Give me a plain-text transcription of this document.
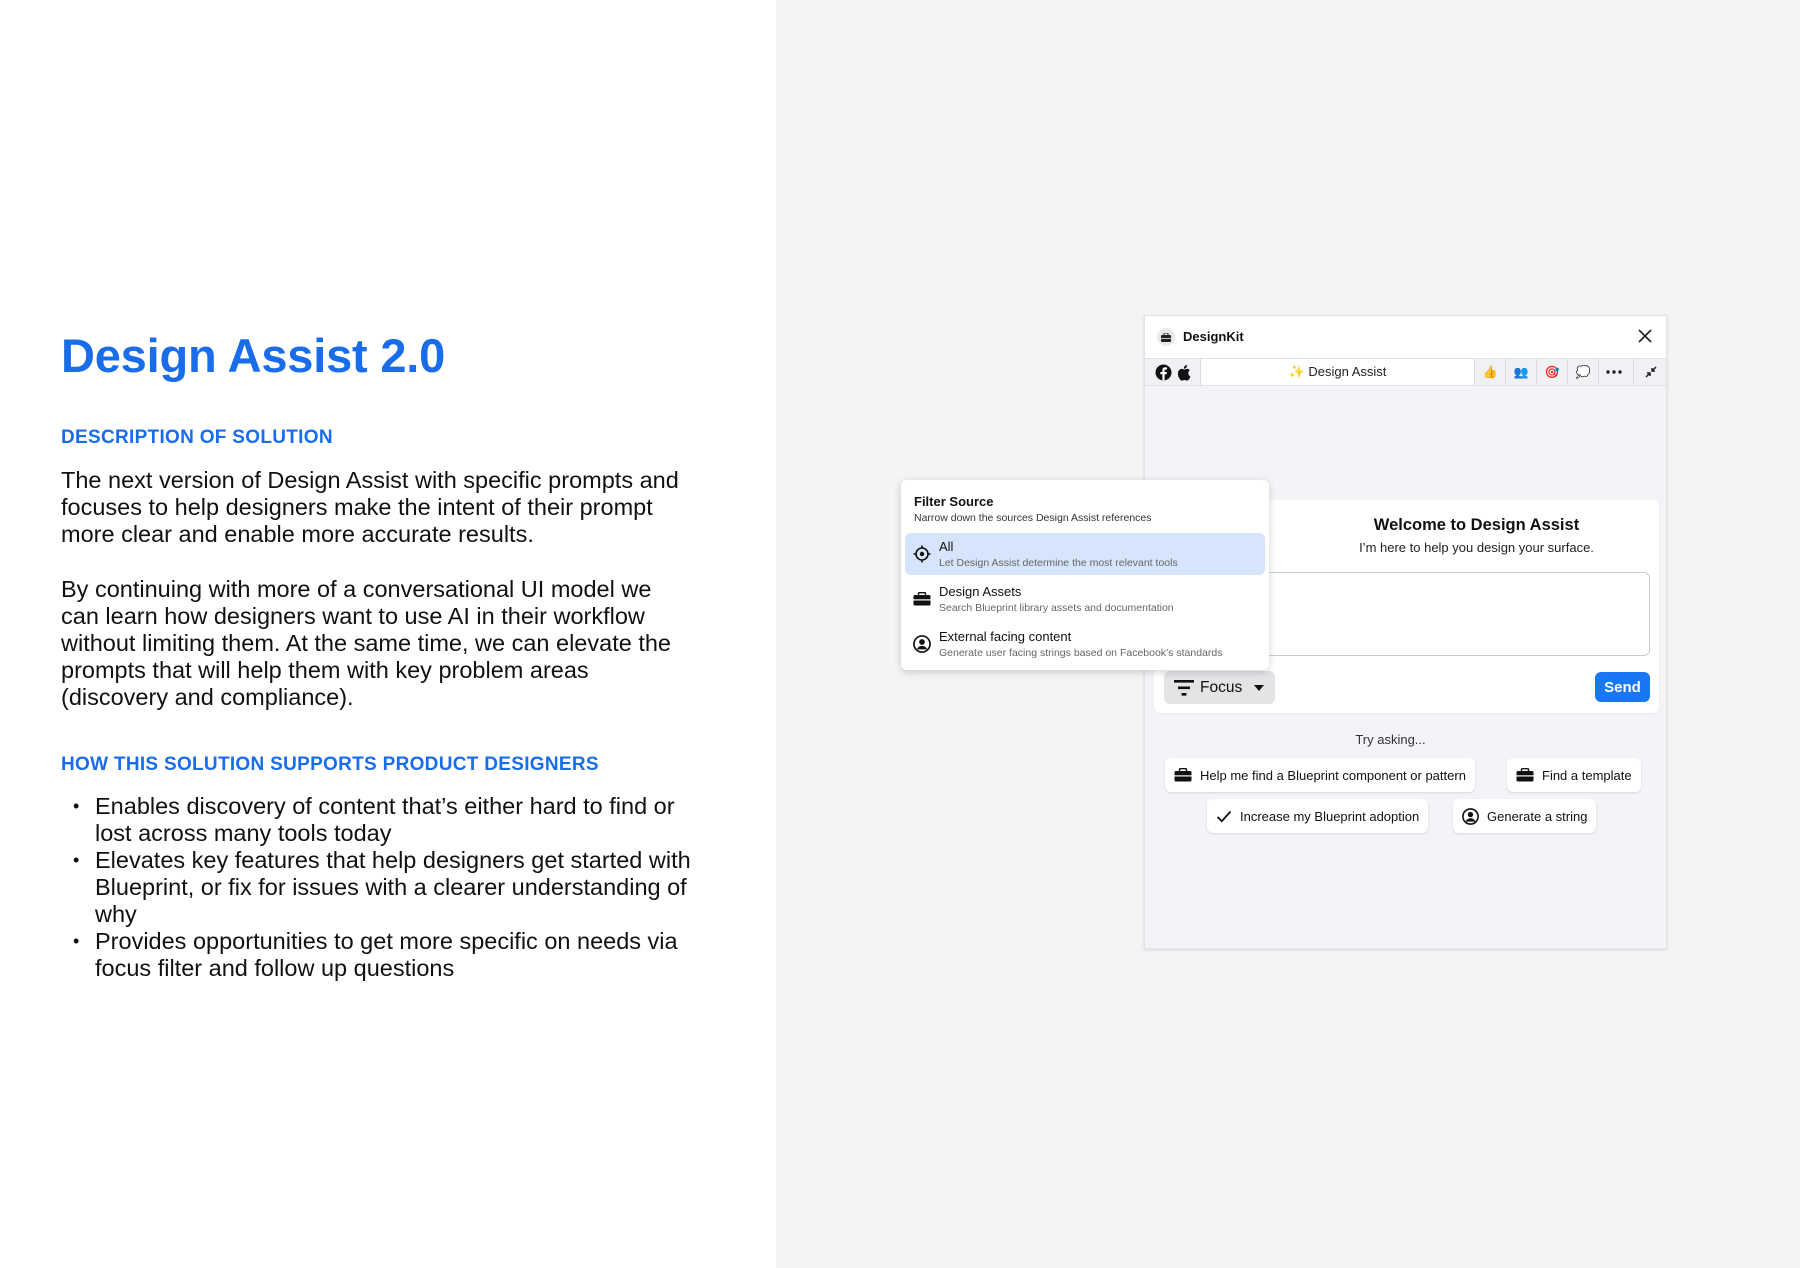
Design Assist 2.0
DESCRIPTION OF SOLUTION

The next version of Design Assist with specific prompts and focuses to help designers make the intent of their prompt more clear and enable more accurate results.

By continuing with more of a conversational UI model we can learn how designers want to use AI in their workflow without limiting them. At the same time, we can elevate the prompts that will help them with key problem areas (discovery and compliance).

HOW THIS SOLUTION SUPPORTS PRODUCT DESIGNERS
• Enables discovery of content that’s either hard to find or lost across many tools today
• Elevates key features that help designers get started with Blueprint, or fix for issues with a clearer understanding of why
• Provides opportunities to get more specific on needs via focus filter and follow up questions
DesignKit
✨ Design Assist	👍	👥	🎯	💭
Welcome to Design Assist
I’m here to help you design your surface.
Focus	Send
Try asking...
Help me find a Blueprint component or pattern	Find a template
Increase my Blueprint adoption	Generate a string
Filter Source
Narrow down the sources Design Assist references
All
Let Design Assist determine the most relevant tools
Design Assets
Search Blueprint library assets and documentation
External facing content
Generate user facing strings based on Facebook’s standards
